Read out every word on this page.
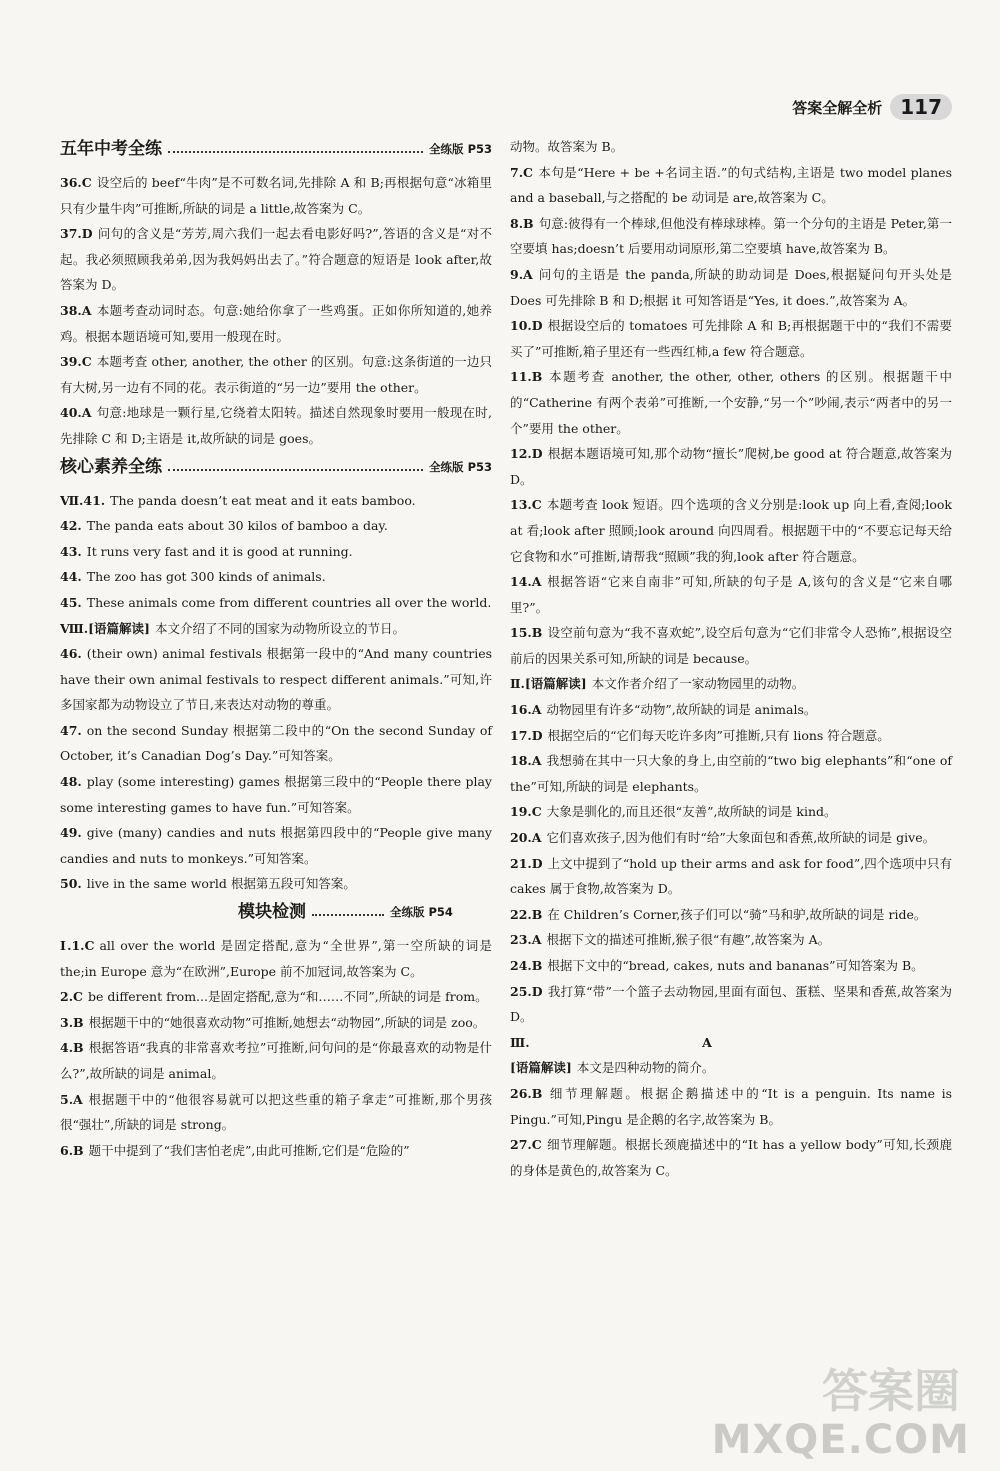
答案全解全析 117
五年中考全练	全练版 P53

36.C 设空后的 beef“牛肉”是不可数名词,先排除 A 和 B;再根据句意“冰箱里只有少量牛肉”可推断,所缺的词是 a little,故答案为 C。

37.D 问句的含义是“芳芳,周六我们一起去看电影好吗?”,答语的含义是“对不起。我必须照顾我弟弟,因为我妈妈出去了。”符合题意的短语是 look after,故答案为 D。

38.A 本题考查动词时态。句意:她给你拿了一些鸡蛋。正如你所知道的,她养鸡。根据本题语境可知,要用一般现在时。

39.C 本题考查 other, another, the other 的区别。句意:这条街道的一边只有大树,另一边有不同的花。表示街道的“另一边”要用 the other。

40.A 句意:地球是一颗行星,它绕着太阳转。描述自然现象时要用一般现在时,先排除 C 和 D;主语是 it,故所缺的词是 goes。

核心素养全练	全练版 P53

Ⅶ.41. The panda doesn’t eat meat and it eats bamboo.

42. The panda eats about 30 kilos of bamboo a day.

43. It runs very fast and it is good at running.

44. The zoo has got 300 kinds of animals.

45. These animals come from different countries all over the world.

Ⅷ.[语篇解读] 本文介绍了不同的国家为动物所设立的节日。

46. (their own) animal festivals 根据第一段中的“And many countries have their own animal festivals to respect different animals.”可知,许多国家都为动物设立了节日,来表达对动物的尊重。

47. on the second Sunday 根据第二段中的“On the second Sunday of October, it’s Canadian Dog’s Day.”可知答案。

48. play (some interesting) games 根据第三段中的“People there play some interesting games to have fun.”可知答案。

49. give (many) candies and nuts 根据第四段中的“People give many candies and nuts to monkeys.”可知答案。

50. live in the same world 根据第五段可知答案。

模块检测	全练版 P54

Ⅰ.1.C all over the world 是固定搭配,意为“全世界”,第一空所缺的词是 the;in Europe 意为“在欧洲”,Europe 前不加冠词,故答案为 C。

2.C be different from...是固定搭配,意为“和……不同”,所缺的词是 from。

3.B 根据题干中的“她很喜欢动物”可推断,她想去“动物园”,所缺的词是 zoo。

4.B 根据答语“我真的非常喜欢考拉”可推断,问句问的是“你最喜欢的动物是什么?”,故所缺的词是 animal。

5.A 根据题干中的“他很容易就可以把这些重的箱子拿走”可推断,那个男孩很“强壮”,所缺的词是 strong。

6.B 题干中提到了“我们害怕老虎”,由此可推断,它们是“危险的”

动物。故答案为 B。

7.C 本句是“Here + be +名词主语.”的句式结构,主语是 two model planes and a baseball,与之搭配的 be 动词是 are,故答案为 C。

8.B 句意:彼得有一个棒球,但他没有棒球球棒。第一个分句的主语是 Peter,第一空要填 has;doesn’t 后要用动词原形,第二空要填 have,故答案为 B。

9.A 问句的主语是 the panda,所缺的助动词是 Does,根据疑问句开头处是 Does 可先排除 B 和 D;根据 it 可知答语是“Yes, it does.”,故答案为 A。

10.D 根据设空后的 tomatoes 可先排除 A 和 B;再根据题干中的“我们不需要买了”可推断,箱子里还有一些西红柿,a few 符合题意。

11.B 本题考查 another, the other, other, others 的区别。根据题干中的“Catherine 有两个表弟”可推断,一个安静,“另一个”吵闹,表示“两者中的另一个”要用 the other。

12.D 根据本题语境可知,那个动物“擅长”爬树,be good at 符合题意,故答案为 D。

13.C 本题考查 look 短语。四个选项的含义分别是:look up 向上看,查阅;look at 看;look after 照顾;look around 向四周看。根据题干中的“不要忘记每天给它食物和水”可推断,请帮我“照顾”我的狗,look after 符合题意。

14.A 根据答语“它来自南非”可知,所缺的句子是 A,该句的含义是“它来自哪里?”。

15.B 设空前句意为“我不喜欢蛇”,设空后句意为“它们非常令人恐怖”,根据设空前后的因果关系可知,所缺的词是 because。

Ⅱ.[语篇解读] 本文作者介绍了一家动物园里的动物。

16.A 动物园里有许多“动物”,故所缺的词是 animals。

17.D 根据空后的“它们每天吃许多肉”可推断,只有 lions 符合题意。

18.A 我想骑在其中一只大象的身上,由空前的“two big elephants”和“one of the”可知,所缺的词是 elephants。

19.C 大象是驯化的,而且还很“友善”,故所缺的词是 kind。

20.A 它们喜欢孩子,因为他们有时“给”大象面包和香蕉,故所缺的词是 give。

21.D 上文中提到了“hold up their arms and ask for food”,四个选项中只有 cakes 属于食物,故答案为 D。

22.B 在 Children’s Corner,孩子们可以“骑”马和驴,故所缺的词是 ride。

23.A 根据下文的描述可推断,猴子很“有趣”,故答案为 A。

24.B 根据下文中的“bread, cakes, nuts and bananas”可知答案为 B。

25.D 我打算“带”一个篮子去动物园,里面有面包、蛋糕、坚果和香蕉,故答案为 D。

Ⅲ.	A

[语篇解读] 本文是四种动物的简介。

26.B 细节理解题。根据企鹅描述中的“It is a penguin. Its name is Pingu.”可知,Pingu 是企鹅的名字,故答案为 B。

27.C 细节理解题。根据长颈鹿描述中的“It has a yellow body”可知,长颈鹿的身体是黄色的,故答案为 C。

答案圈
MXQE.COM
